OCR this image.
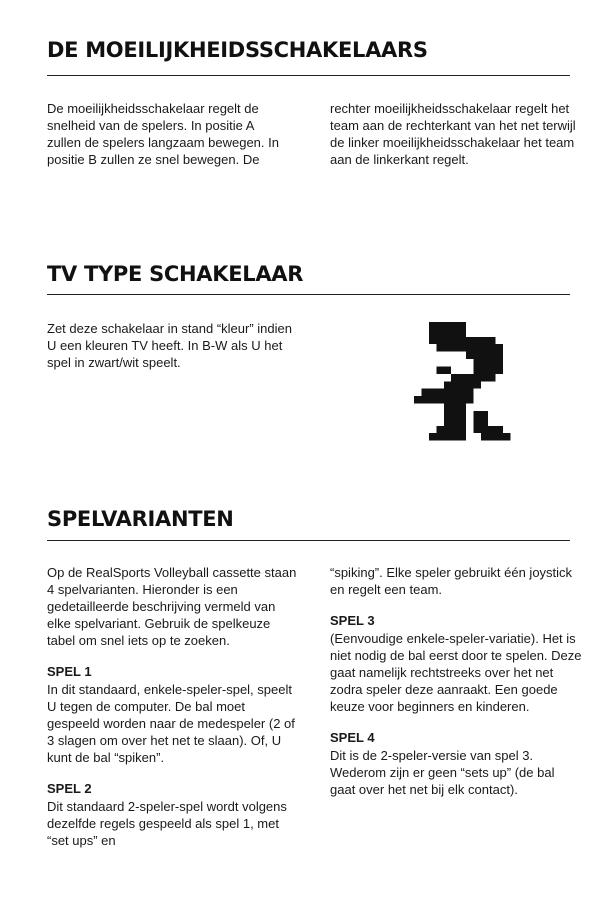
DE MOEILIJKHEIDSSCHAKELAARS

De moeilijkheidsschakelaar regelt de snelheid van de spelers. In positie A zullen de spelers langzaam bewegen. In positie B zullen ze snel bewegen. De

rechter moeilijkheidsschakelaar regelt het team aan de rechterkant van het net terwijl de linker moeilijkheidsschakelaar het team aan de linkerkant regelt.

TV TYPE SCHAKELAAR

Zet deze schakelaar in stand “kleur” indien U een kleuren TV heeft. In B-W als U het spel in zwart/wit speelt.

SPELVARIANTEN

Op de RealSports Volleyball cassette staan 4 spelvarianten. Hieronder is een gedetailleerde beschrijving vermeld van elke spelvariant. Gebruik de spelkeuze tabel om snel iets op te zoeken.

SPEL 1

In dit standaard, enkele-speler-spel, speelt U tegen de computer. De bal moet gespeeld worden naar de medespeler (2 of 3 slagen om over het net te slaan). Of, U kunt de bal “spiken”.

SPEL 2

Dit standaard 2-speler-spel wordt volgens dezelfde regels gespeeld als spel 1, met “set ups” en

“spiking”. Elke speler gebruikt één joystick en regelt een team.

SPEL 3

(Eenvoudige enkele-speler-variatie). Het is niet nodig de bal eerst door te spelen. Deze gaat namelijk rechtstreeks over het net zodra speler deze aanraakt. Een goede keuze voor beginners en kinderen.

SPEL 4

Dit is de 2-speler-versie van spel 3. Wederom zijn er geen “sets up” (de bal gaat over het net bij elk contact).
